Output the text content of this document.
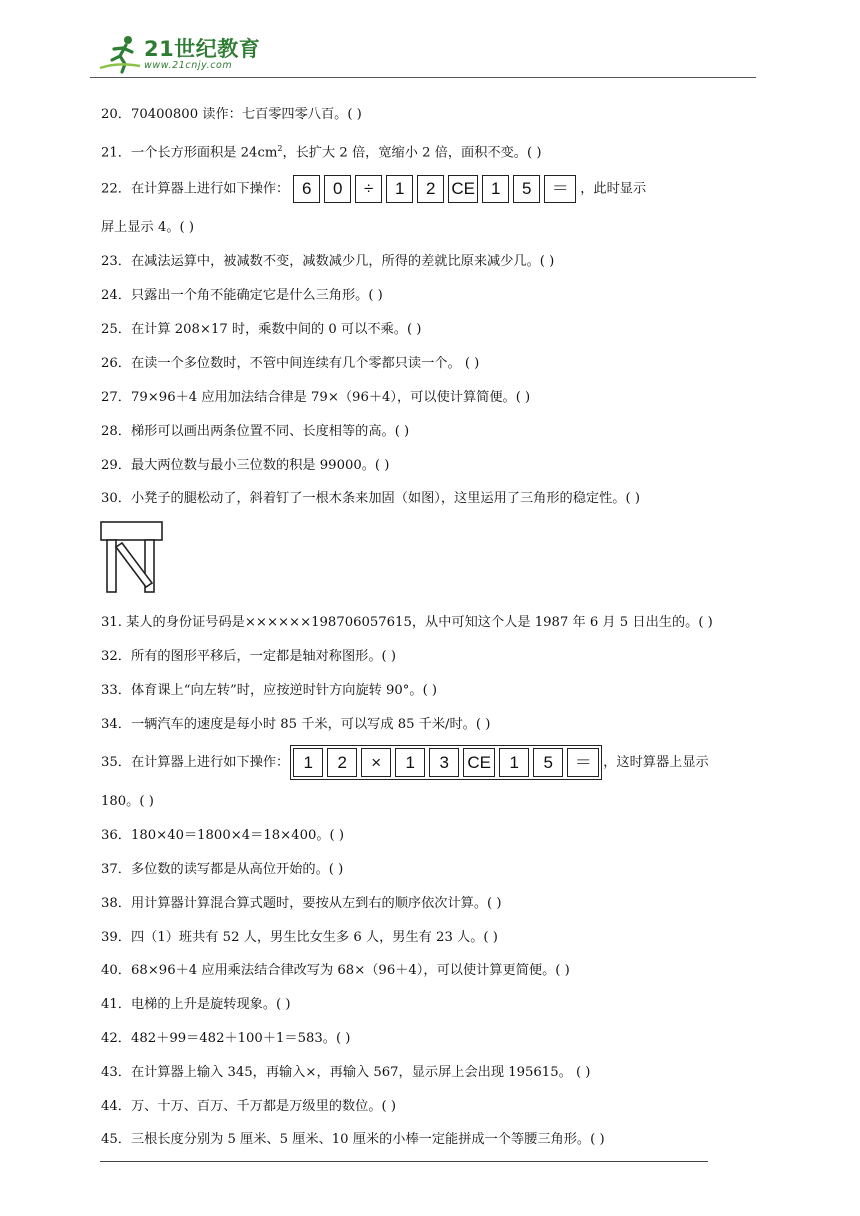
21世纪教育
www.21cnjy.com
20．70400800 读作：七百零四零八百。( )
21．一个长方形面积是 $24cm^2$，长扩大 2 倍，宽缩小 2 倍，面积不变。( )
22．在计算器上进行如下操作： 6	0	÷	1	2 CE 1	5	＝ ，此时显示
屏上显示 4。( )
23．在减法运算中，被减数不变，减数减少几，所得的差就比原来减少几。( )
24．只露出一个角不能确定它是什么三角形。( )
25．在计算 208×17 时，乘数中间的 0 可以不乘。( )
26．在读一个多位数时，不管中间连续有几个零都只读一个。 ( )
27．79×96＋4 应用加法结合律是 79×（96＋4），可以使计算简便。( )
28．梯形可以画出两条位置不同、长度相等的高。( )
29．最大两位数与最小三位数的积是 99000。( )
30．小凳子的腿松动了，斜着钉了一根木条来加固（如图），这里运用了三角形的稳定性。( )
31. 某人的身份证号码是××××××198706057615，从中可知这个人是 1987 年 6 月 5 日出生的。( )
32．所有的图形平移后，一定都是轴对称图形。( )
33．体育课上“向左转”时，应按逆时针方向旋转 90°。( )
34．一辆汽车的速度是每小时 85 千米，可以写成 85 千米/时。( )
35．在计算器上进行如下操作： 1	2	×	1	3	CE	1	5	＝ ，这时算器上显示
180。( )
36．180×40＝1800×4＝18×400。( )
37．多位数的读写都是从高位开始的。( )
38．用计算器计算混合算式题时，要按从左到右的顺序依次计算。( )
39．四（1）班共有 52 人，男生比女生多 6 人，男生有 23 人。( )
40．68×96＋4 应用乘法结合律改写为 68×（96＋4），可以使计算更简便。( )
41．电梯的上升是旋转现象。( )
42．482＋99＝482＋100＋1＝583。( )
43．在计算器上输入 345，再输入×，再输入 567，显示屏上会出现 195615。 ( )
44．万、十万、百万、千万都是万级里的数位。( )
45．三根长度分别为 5 厘米、5 厘米、10 厘米的小棒一定能拼成一个等腰三角形。( )
